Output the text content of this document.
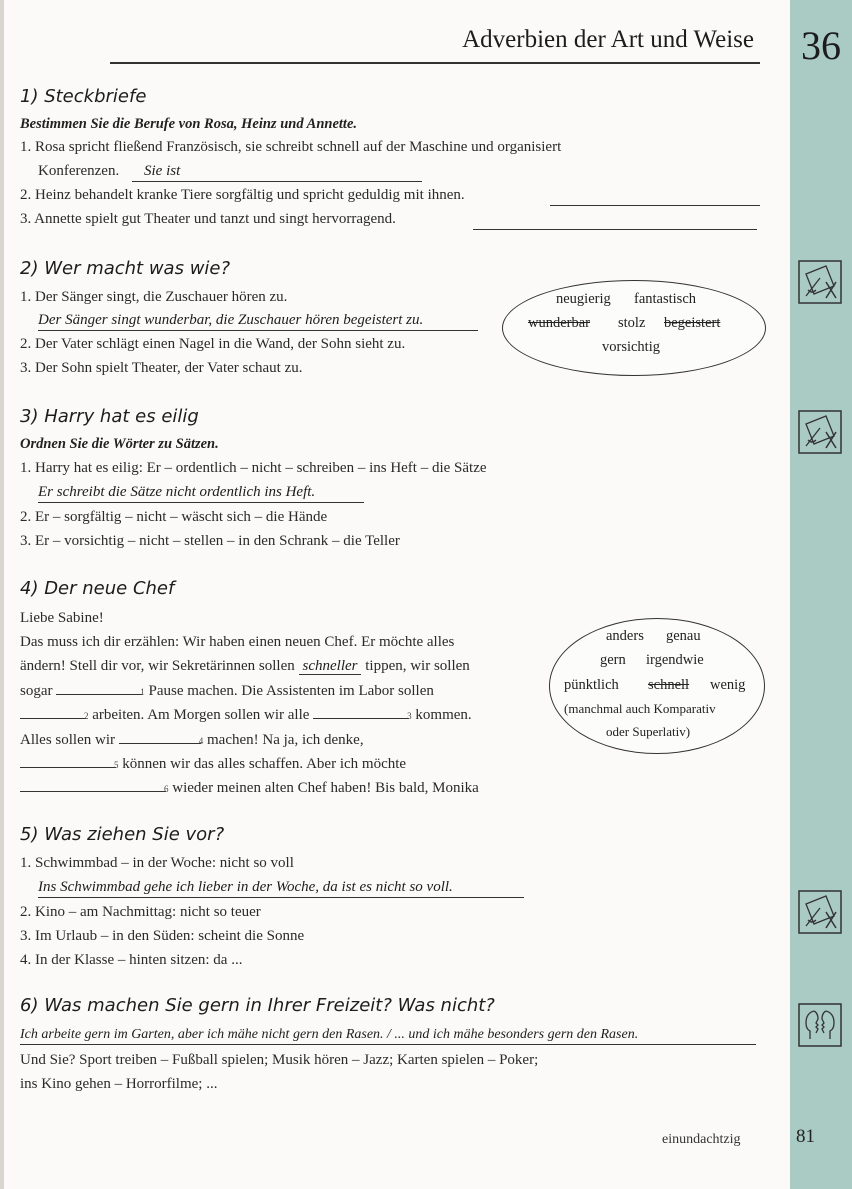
36
Adverbien der Art und Weise
1) Steckbriefe
Bestimmen Sie die Berufe von Rosa, Heinz und Annette.
1. Rosa spricht fließend Französisch, sie schreibt schnell auf der Maschine und organisiert
Konferenzen.	Sie ist
2. Heinz behandelt kranke Tiere sorgfältig und spricht geduldig mit ihnen.
3. Annette spielt gut Theater und tanzt und singt hervorragend.
2) Wer macht was wie?
1. Der Sänger singt, die Zuschauer hören zu.
Der Sänger singt wunderbar, die Zuschauer hören begeistert zu.
2. Der Vater schlägt einen Nagel in die Wand, der Sohn sieht zu.
3. Der Sohn spielt Theater, der Vater schaut zu.
neugierig fantastisch
wunderbar stolz begeistert
vorsichtig
3) Harry hat es eilig
Ordnen Sie die Wörter zu Sätzen.
1. Harry hat es eilig: Er – ordentlich – nicht – schreiben – ins Heft – die Sätze
Er schreibt die Sätze nicht ordentlich ins Heft.
2. Er – sorgfältig – nicht – wäscht sich – die Hände
3. Er – vorsichtig – nicht – stellen – in den Schrank – die Teller
4) Der neue Chef
Liebe Sabine!
Das muss ich dir erzählen: Wir haben einen neuen Chef. Er möchte alles
ändern! Stell dir vor, wir Sekretärinnen sollen schneller tippen, wir sollen
sogar	1 Pause machen. Die Assistenten im Labor sollen
2 arbeiten. Am Morgen sollen wir alle	3 kommen.
Alles sollen wir	4 machen! Na ja, ich denke,
5 können wir das alles schaffen. Aber ich möchte
6 wieder meinen alten Chef haben! Bis bald, Monika
anders genau
gern irgendwie
pünktlich schnell wenig
(manchmal auch Komparativ
oder Superlativ)
5) Was ziehen Sie vor?
1. Schwimmbad – in der Woche: nicht so voll
Ins Schwimmbad gehe ich lieber in der Woche, da ist es nicht so voll.
2. Kino – am Nachmittag: nicht so teuer
3. Im Urlaub – in den Süden: scheint die Sonne
4. In der Klasse – hinten sitzen: da ...
6) Was machen Sie gern in Ihrer Freizeit? Was nicht?
Ich arbeite gern im Garten, aber ich mähe nicht gern den Rasen. / ... und ich mähe besonders gern den Rasen.
Und Sie? Sport treiben – Fußball spielen; Musik hören – Jazz; Karten spielen – Poker;
ins Kino gehen – Horrorfilme; ...
einundachtzig	81
